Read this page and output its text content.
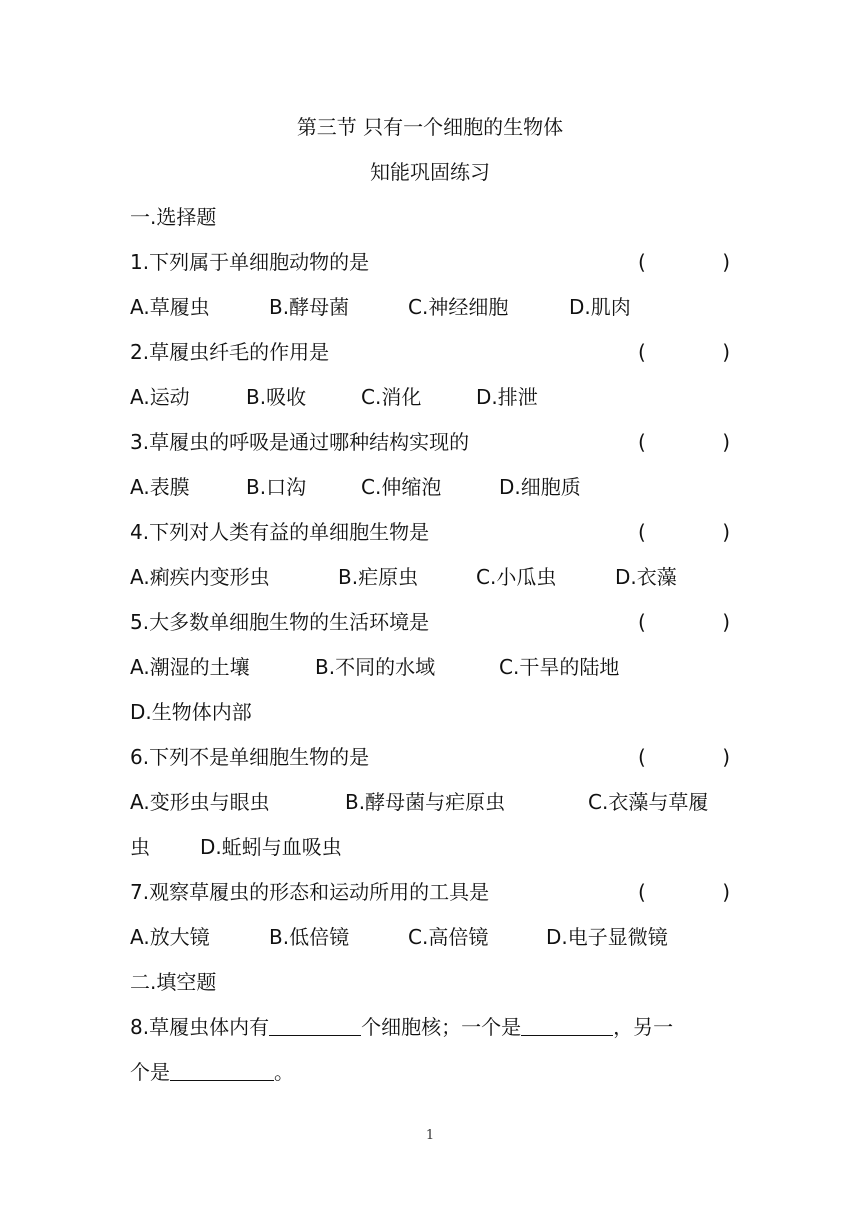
第三节 只有一个细胞的生物体
知能巩固练习
一.选择题
1.下列属于单细胞动物的是	(	)
A.草履虫	B.酵母菌	C.神经细胞	D.肌肉
2.草履虫纤毛的作用是	(	)
A.运动	B.吸收	C.消化	D.排泄
3.草履虫的呼吸是通过哪种结构实现的	(	)
A.表膜	B.口沟	C.伸缩泡	D.细胞质
4.下列对人类有益的单细胞生物是	(	)
A.痢疾内变形虫	B.疟原虫	C.小瓜虫	D.衣藻
5.大多数单细胞生物的生活环境是	(	)
A.潮湿的土壤	B.不同的水域	C.干旱的陆地
D.生物体内部
6.下列不是单细胞生物的是	(	)
A.变形虫与眼虫	B.酵母菌与疟原虫	C.衣藻与草履
虫	D.蚯蚓与血吸虫
7.观察草履虫的形态和运动所用的工具是	(	)
A.放大镜	B.低倍镜	C.高倍镜	D.电子显微镜
二.填空题
8.草履虫体内有	个细胞核；一个是	，另一
个是	。
1
